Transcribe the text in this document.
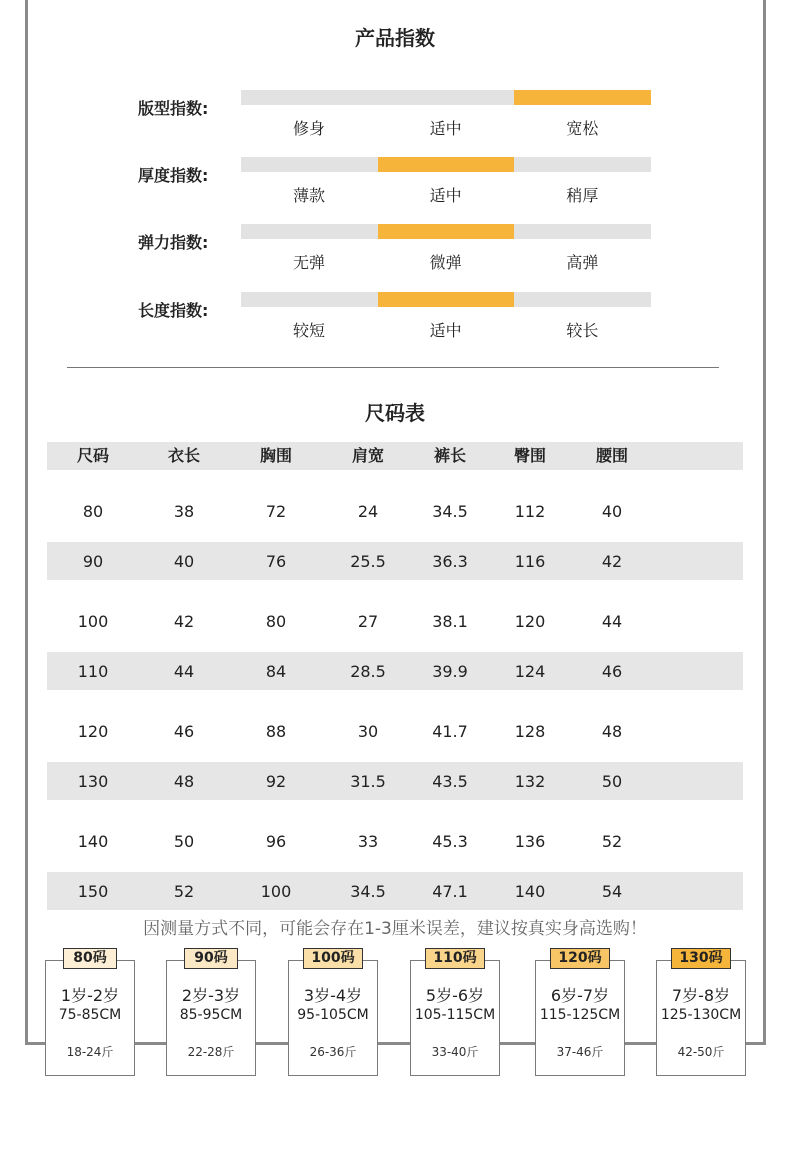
产品指数
版型指数:
修身	适中	宽松
厚度指数:
薄款	适中	稍厚
弹力指数:
无弹	微弹	高弹
长度指数:
较短	适中	较长
尺码表
尺码	衣长	胸围	肩宽	裤长	臀围	腰围
80	38	72	24	34.5	112	40
90	40	76	25.5	36.3	116	42
100	42	80	27	38.1	120	44
110	44	84	28.5	39.9	124	46
120	46	88	30	41.7	128	48
130	48	92	31.5	43.5	132	50
140	50	96	33	45.3	136	52
150	52	100	34.5	47.1	140	54
因测量方式不同，可能会存在1-3厘米误差，建议按真实身高选购！
1岁-2岁
75-85CM
18-24斤
80码
2岁-3岁
85-95CM
22-28斤
90码
3岁-4岁
95-105CM
26-36斤
100码
5岁-6岁
105-115CM
33-40斤
110码
6岁-7岁
115-125CM
37-46斤
120码
7岁-8岁
125-130CM
42-50斤
130码
